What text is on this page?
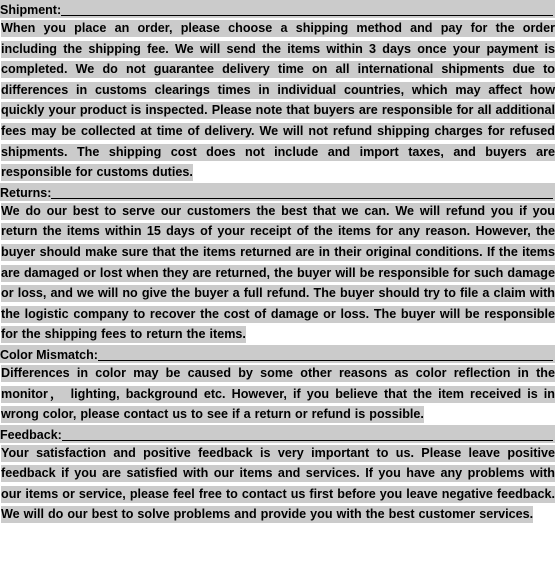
Shipment:

When you place an order, please choose a shipping method and pay for the order including the shipping fee. We will send the items within 3 days once your payment is completed. We do not guarantee delivery time on all international shipments due to differences in customs clearings times in individual countries, which may affect how quickly your product is inspected. Please note that buyers are responsible for all additional fees may be collected at time of delivery. We will not refund shipping charges for refused shipments. The shipping cost does not include and import taxes, and buyers are responsible for customs duties.

Returns:

We do our best to serve our customers the best that we can. We will refund you if you return the items within 15 days of your receipt of the items for any reason. However, the buyer should make sure that the items returned are in their original conditions. If the items are damaged or lost when they are returned, the buyer will be responsible for such damage or loss, and we will no give the buyer a full refund. The buyer should try to file a claim with the logistic company to recover the cost of damage or loss. The buyer will be responsible for the shipping fees to return the items.

Color Mismatch:

Differences in color may be caused by some other reasons as color reflection in the monitor， lighting, background etc. However, if you believe that the item received is in wrong color, please contact us to see if a return or refund is possible.

Feedback:

Your satisfaction and positive feedback is very important to us. Please leave positive feedback if you are satisfied with our items and services. If you have any problems with our items or service, please feel free to contact us first before you leave negative feedback. We will do our best to solve problems and provide you with the best customer services.
